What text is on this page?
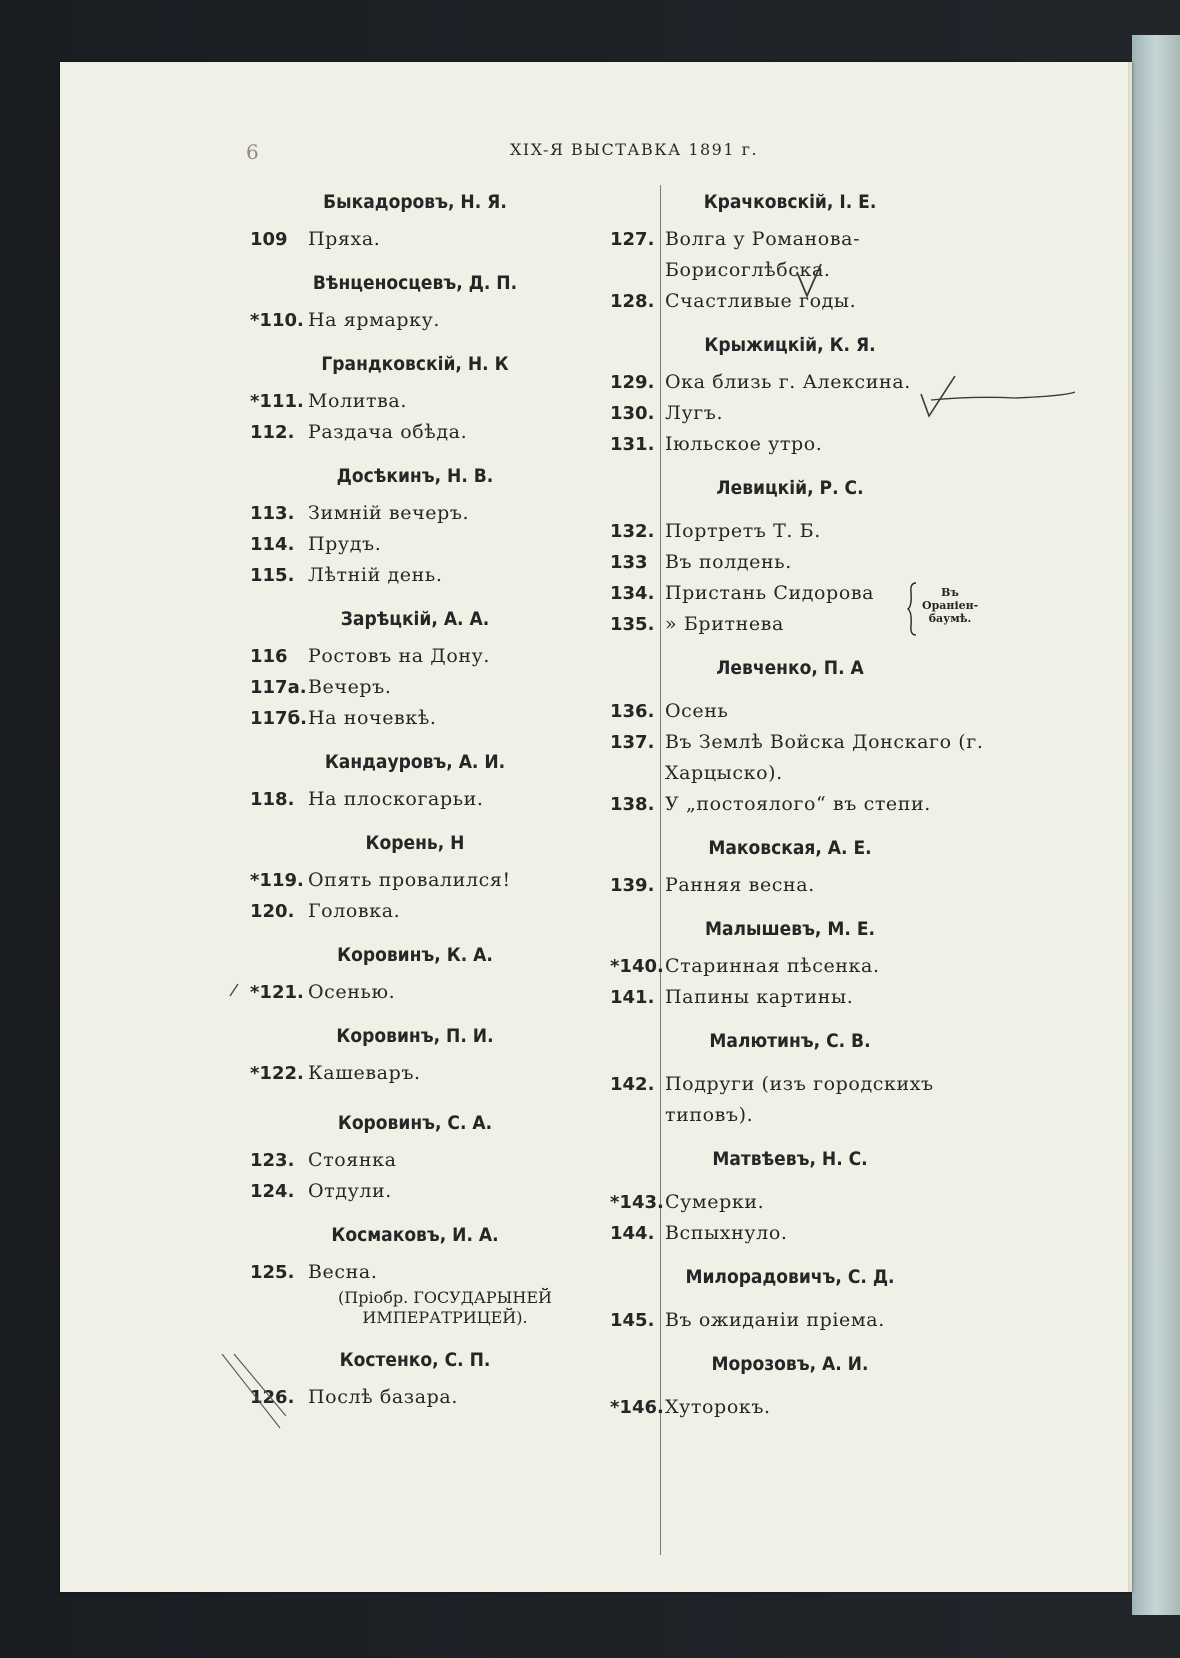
6	XIX-Я ВЫСТАВКА 1891 г.
Быкадоровъ, Н. Я.
109	Пряха.
Вѣнценосцевъ, Д. П.
*110. На ярмарку.
Грандковскій, Н. К
*111. Молитва.
112. Раздача обѣда.
Досѣкинъ, Н. В.
113. Зимній вечеръ.
114. Прудъ.
115. Лѣтній день.
Зарѣцкій, А. А.
116	Ростовъ на Дону.
117а. Вечеръ.
117б. На ночевкѣ.
Кандауровъ, А. И.
118. На плоскогарьи.
Корень, Н
*119. Опять провалился!
120. Головка.
Коровинъ, К. А.
*121. Осенью.
Коровинъ, П. И.
*122. Кашеваръ.
Коровинъ, С. А.
123. Стоянка
124. Отдули.
Космаковъ, И. А.
125. Весна.
(Пріобр. ГОСУДАРЫНЕЙ ИМПЕРАТРИЦЕЙ).
Костенко, С. П.
126. Послѣ базара.
Крачковскій, І. Е.
127. Волга у Романова-Борисоглѣбска.
128. Счастливые годы.
Крыжицкій, К. Я.
129. Ока близь г. Алексина.
130. Лугъ.
131. Іюльское утро.
Левицкій, Р. С.
132. Портретъ Т. Б.
133 Въ полдень.
134. Пристань Сидорова
135. » Бритнева
Въ Ораніен-баумѣ.
Левченко, П. А
136. Осень
137. Въ Землѣ Войска Донскаго (г. Харцыско).
138. У „постоялого“ въ степи.
Маковская, А. Е.
139. Ранняя весна.
Малышевъ, М. Е.
*140. Старинная пѣсенка.
141. Папины картины.
Малютинъ, С. В.
142. Подруги (изъ городскихъ типовъ).
Матвѣевъ, Н. С.
*143. Сумерки.
144. Вспыхнуло.
Милорадовичъ, С. Д.
145. Въ ожиданіи пріема.
Морозовъ, А. И.
*146. Хуторокъ.
